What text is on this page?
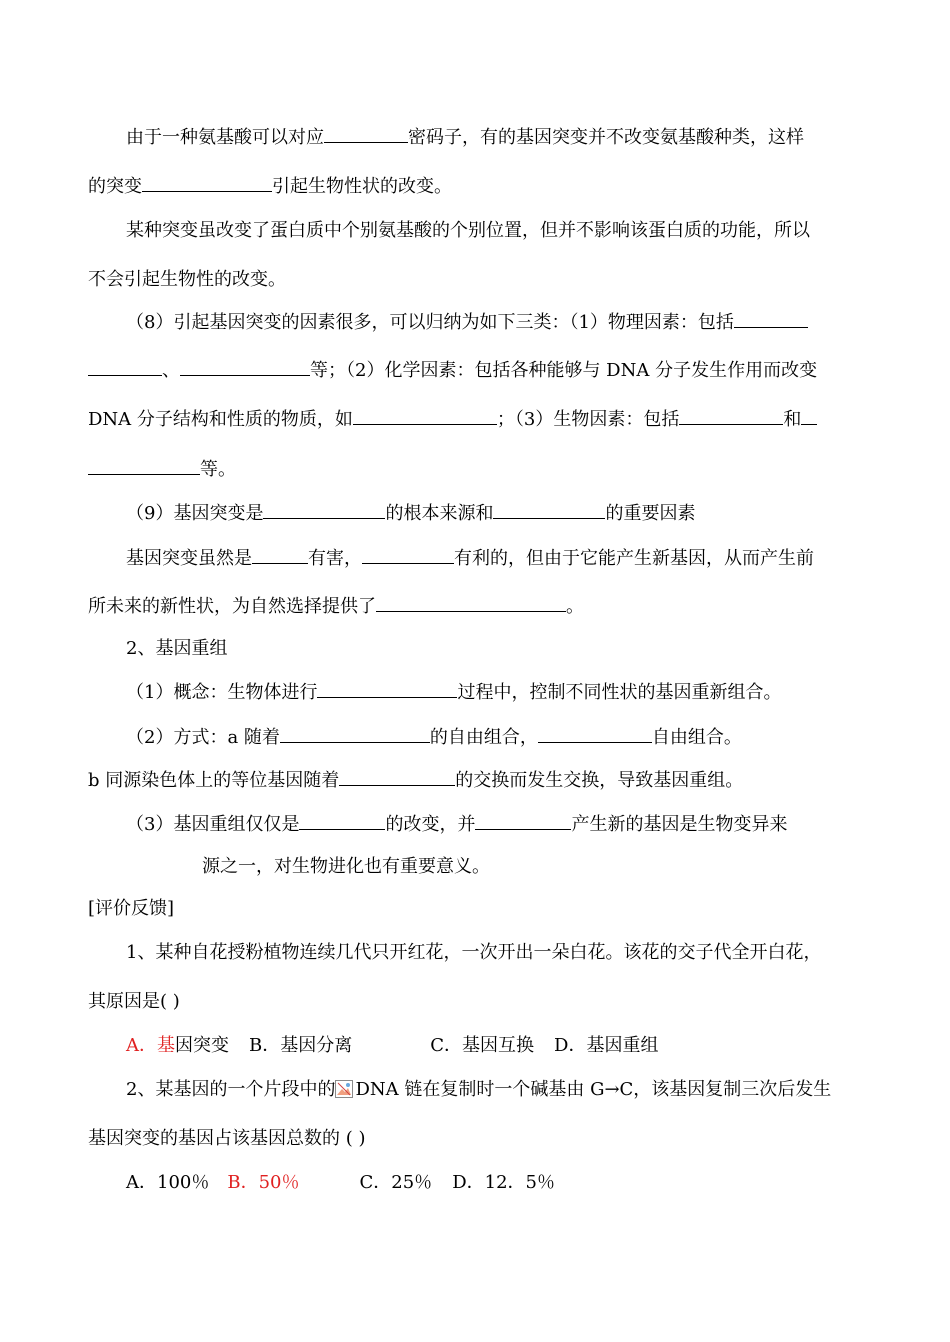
由于一种氨基酸可以对应	密码子，有的基因突变并不改变氨基酸种类，这样
的突变	引起生物性状的改变。
某种突变虽改变了蛋白质中个别氨基酸的个别位置，但并不影响该蛋白质的功能，所以
不会引起生物性的改变。
（8）引起基因突变的因素很多，可以归纳为如下三类：（1）物理因素：包括
、	等；（2）化学因素：包括各种能够与 DNA 分子发生作用而改变
DNA 分子结构和性质的物质，如	；（3）生物因素：包括	和
等。
（9）基因突变是	的根本来源和	的重要因素
基因突变虽然是	有害，	有利的，但由于它能产生新基因，从而产生前
所未来的新性状，为自然选择提供了	。
2、基因重组
（1）概念：生物体进行	过程中，控制不同性状的基因重新组合。
（2）方式：a 随着	的自由组合，	自由组合。
b 同源染色体上的等位基因随着	的交换而发生交换，导致基因重组。
（3）基因重组仅仅是	的改变，并	产生新的基因是生物变异来
源之一，对生物进化也有重要意义。
[评价反馈]
1、某种自花授粉植物连续几代只开红花，一次开出一朵白花。该花的交子代全开白花，
其原因是( )
A．基因突变 B．基因分离	C．基因互换 D．基因重组
2、某基因的一个片段中的 DNA 链在复制时一个碱基由 G→C，该基因复制三次后发生
基因突变的基因占该基因总数的 ( )
A．100％ B．50％	C．25％ D．12．5％
